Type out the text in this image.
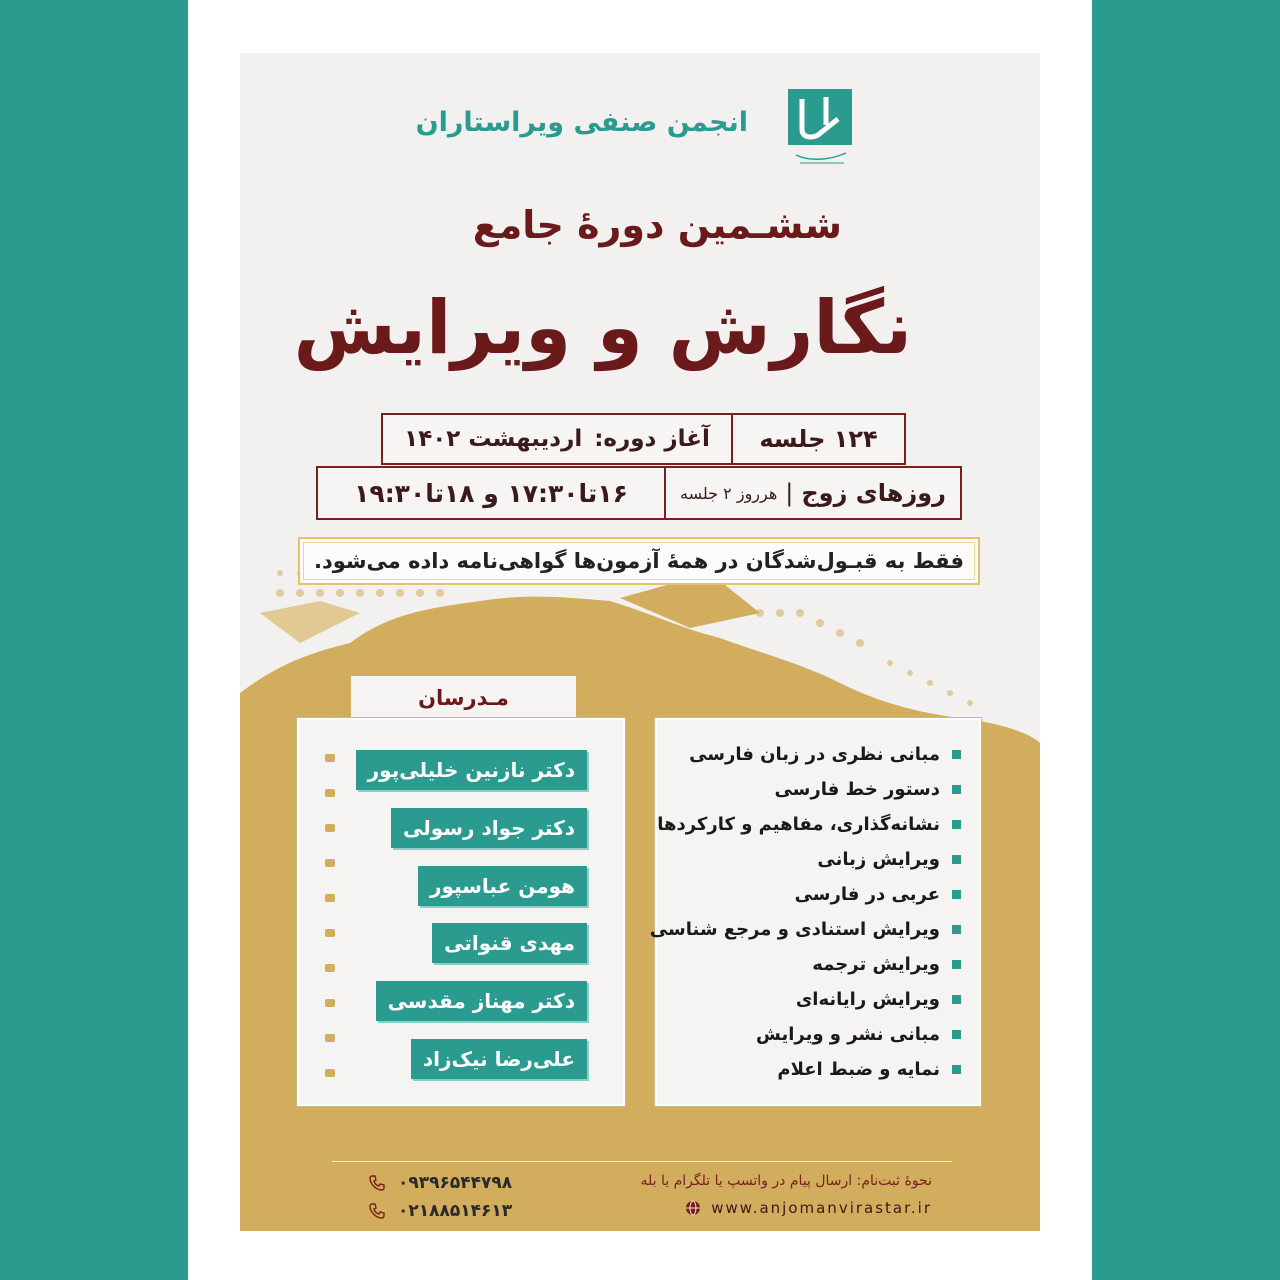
انجمن صنفی ویراستاران
ششـمین دورۀ جامع
نگارش و ویرایش
۱۲۴ جلسه
آغاز دوره:
اردیبهشت ۱۴۰۲
روزهای زوج
|
هرروز ۲ جلسه
۱۶تا۱۷:۳۰ و ۱۸تا۱۹:۳۰
فقط به قبـول‌شدگان در همۀ آزمون‌ها گواهی‌نامه داده می‌شود.
مـدرسان
دکتر نازنین خلیلی‌پور
دکتر جواد رسولی
هومن عباسپور
مهدی قنواتی
دکتر مهناز مقدسی
علی‌رضا نیک‌زاد
مبانی نظری در زبان فارسی
دستور خط فارسی
نشانه‌گذاری، مفاهیم و کارکردها
ویرایش زبانی
عربی در فارسی
ویرایش استنادی و مرجع شناسی
ویرایش ترجمه
ویرایش رایانه‌ای
مبانی نشر و ویرایش
نمایه و ضبط اعلام
نحوۀ ثبت‌نام: ارسال پیام در واتسپ یا تلگرام یا بله
www.anjomanvirastar.ir
۰۹۳۹۶۵۴۴۷۹۸
۰۲۱۸۸۵۱۴۶۱۳
